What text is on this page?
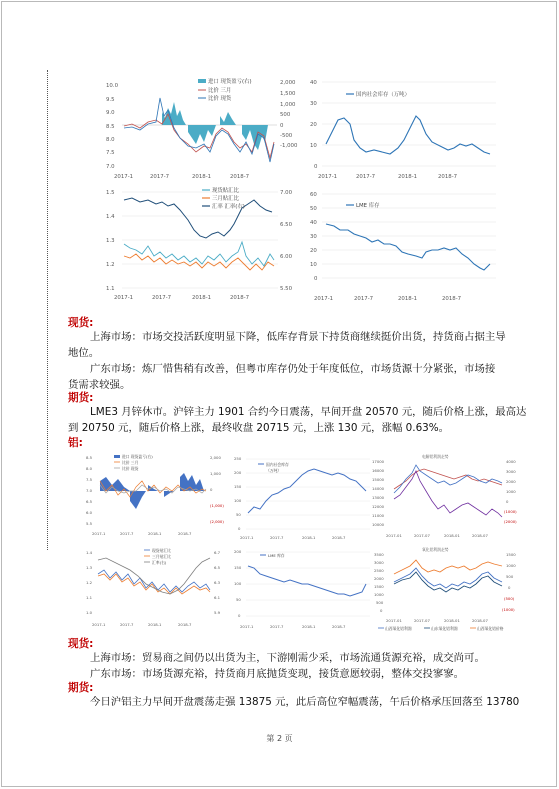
10.0
9.5
9.0
8.5
8.0
7.5
7.0
2,000
1,500
1,000
500
0
-500
-1,000
进口 现货盈亏(右)
比价 三月
比价 现货
2017-1	2017-7	2018-1	2018-7
40
30
20
10
0
国内社会库存（万吨）
2017-1	2017-7	2018-1	2018-7
1.5
1.4
1.3
1.2
1.1
7.00
6.50
6.00
5.50
现货贴汇比
三月贴汇比
汇率 汇率(右)
2017-1	2017-7	2018-1	2018-7
60
50
40
30
20
10
0
LME 库存
2017-1	2017-7	2018-1	2018-7
现货:
上海市场：市场交投活跃度明显下降，低库存背景下持货商继续挺价出货，持货商占据主导
地位。
广东市场：炼厂惜售稍有改善，但粤市库存仍处于年度低位，市场货源十分紧张，市场接
货需求较强。
期货:
LME3 月锌休市。沪锌主力 1901 合约今日震荡，早间开盘 20570 元，随后价格上涨，最高达
到 20750 元，随后价格上涨，最终收盘 20715 元，上涨 130 元，涨幅 0.63%。
铝:
8.5
8.0
7.5
7.0
6.5
6.0
5.5
2,000
1,000
0
(1,000)
(2,000)
进口 现货盈亏(右)
比价 三月
比价 现货
2017-1	2017-7	2018-1	2018-7
250
200
150
100
50
0
国内社会库存
（万吨）
2017-1	2017-7	2018-1	2018-7
电解铝利润走势
17000
16000
15000
14000
13000
12000
11000
10000
4000
3000
2000
1000
0
(1000)
(2000)
2017-01	2017-07	2018-01	2018-07
1.4
1.3
1.2
1.1
1.0
6.7
6.5
6.3
6.1
5.9
现货贴汇比
三月贴汇比
汇率(右)
2017-1	2017-7	2018-1	2018-7
200
150
100
50
0
LME 库存
2017-1	2017-7	2018-1	2018-7
氧化铝利润走势
3500
3000
2500
2000
1500
1000
500
0
1500
1000
500
0
(500)
(1000)
2017-01	2017-07	2018-01	2018-07
山西氧化铝利润	山东氧化铝利润	山西氧化铝价格
现货:
上海市场：贸易商之间仍以出货为主，下游刚需少采，市场流通货源充裕，成交尚可。
广东市场：市场货源充裕，持货商月底抛货变现，接货意愿较弱，整体交投寥寥。
期货:
今日沪铝主力早间开盘震荡走强 13875 元，此后高位窄幅震荡，午后价格承压回落至 13780
第 2 页
